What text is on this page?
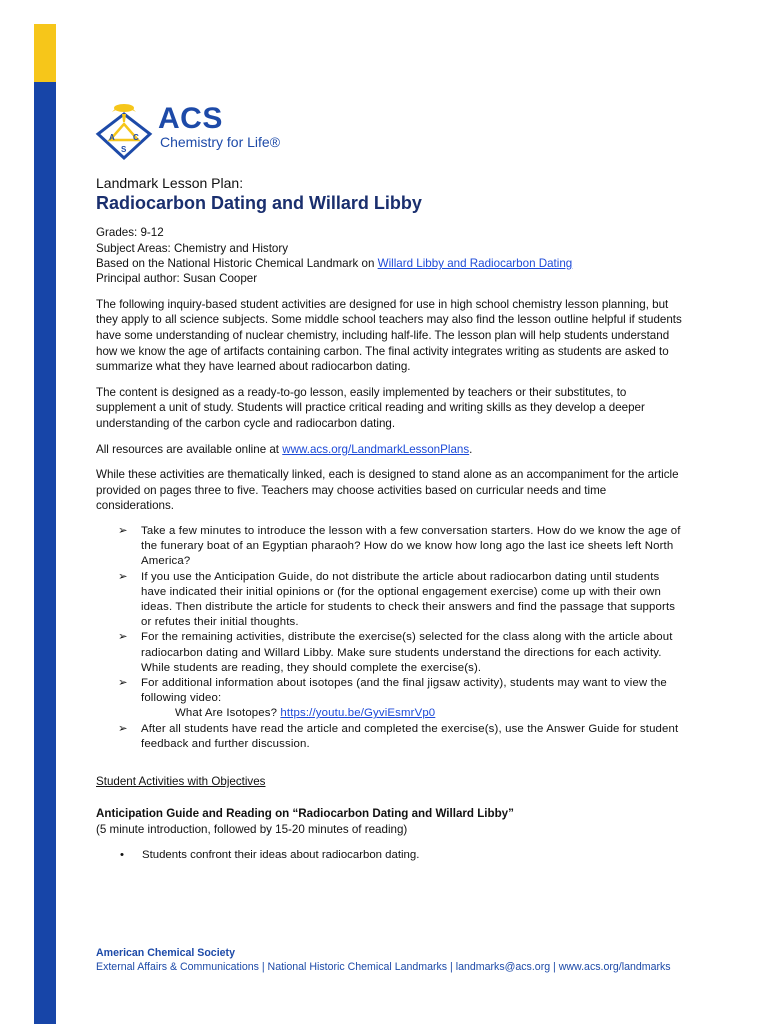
A C
S
ACS
Chemistry for Life®
Landmark Lesson Plan:
Radiocarbon Dating and Willard Libby
Grades: 9-12
Subject Areas: Chemistry and History
Based on the National Historic Chemical Landmark on Willard Libby and Radiocarbon Dating
Principal author: Susan Cooper
The following inquiry-based student activities are designed for use in high school chemistry lesson planning, but they apply to all science subjects. Some middle school teachers may also find the lesson outline helpful if students have some understanding of nuclear chemistry, including half-life. The lesson plan will help students understand how we know the age of artifacts containing carbon. The final activity integrates writing as students are asked to summarize what they have learned about radiocarbon dating.
The content is designed as a ready-to-go lesson, easily implemented by teachers or their substitutes, to supplement a unit of study. Students will practice critical reading and writing skills as they develop a deeper understanding of the carbon cycle and radiocarbon dating.
All resources are available online at www.acs.org/LandmarkLessonPlans.
While these activities are thematically linked, each is designed to stand alone as an accompaniment for the article provided on pages three to five. Teachers may choose activities based on curricular needs and time considerations.
➢ Take a few minutes to introduce the lesson with a few conversation starters. How do we know the age of the funerary boat of an Egyptian pharaoh? How do we know how long ago the last ice sheets left North America?
➢ If you use the Anticipation Guide, do not distribute the article about radiocarbon dating until students have indicated their initial opinions or (for the optional engagement exercise) come up with their own ideas. Then distribute the article for students to check their answers and find the passage that supports or refutes their initial thoughts.
➢ For the remaining activities, distribute the exercise(s) selected for the class along with the article about radiocarbon dating and Willard Libby. Make sure students understand the directions for each activity. While students are reading, they should complete the exercise(s).
➢ For additional information about isotopes (and the final jigsaw activity), students may want to view the following video:
What Are Isotopes? https://youtu.be/GyviEsmrVp0
➢ After all students have read the article and completed the exercise(s), use the Answer Guide for student feedback and further discussion.
Student Activities with Objectives
Anticipation Guide and Reading on “Radiocarbon Dating and Willard Libby”
(5 minute introduction, followed by 15-20 minutes of reading)
• Students confront their ideas about radiocarbon dating.
American Chemical Society
External Affairs & Communications | National Historic Chemical Landmarks | landmarks@acs.org | www.acs.org/landmarks
